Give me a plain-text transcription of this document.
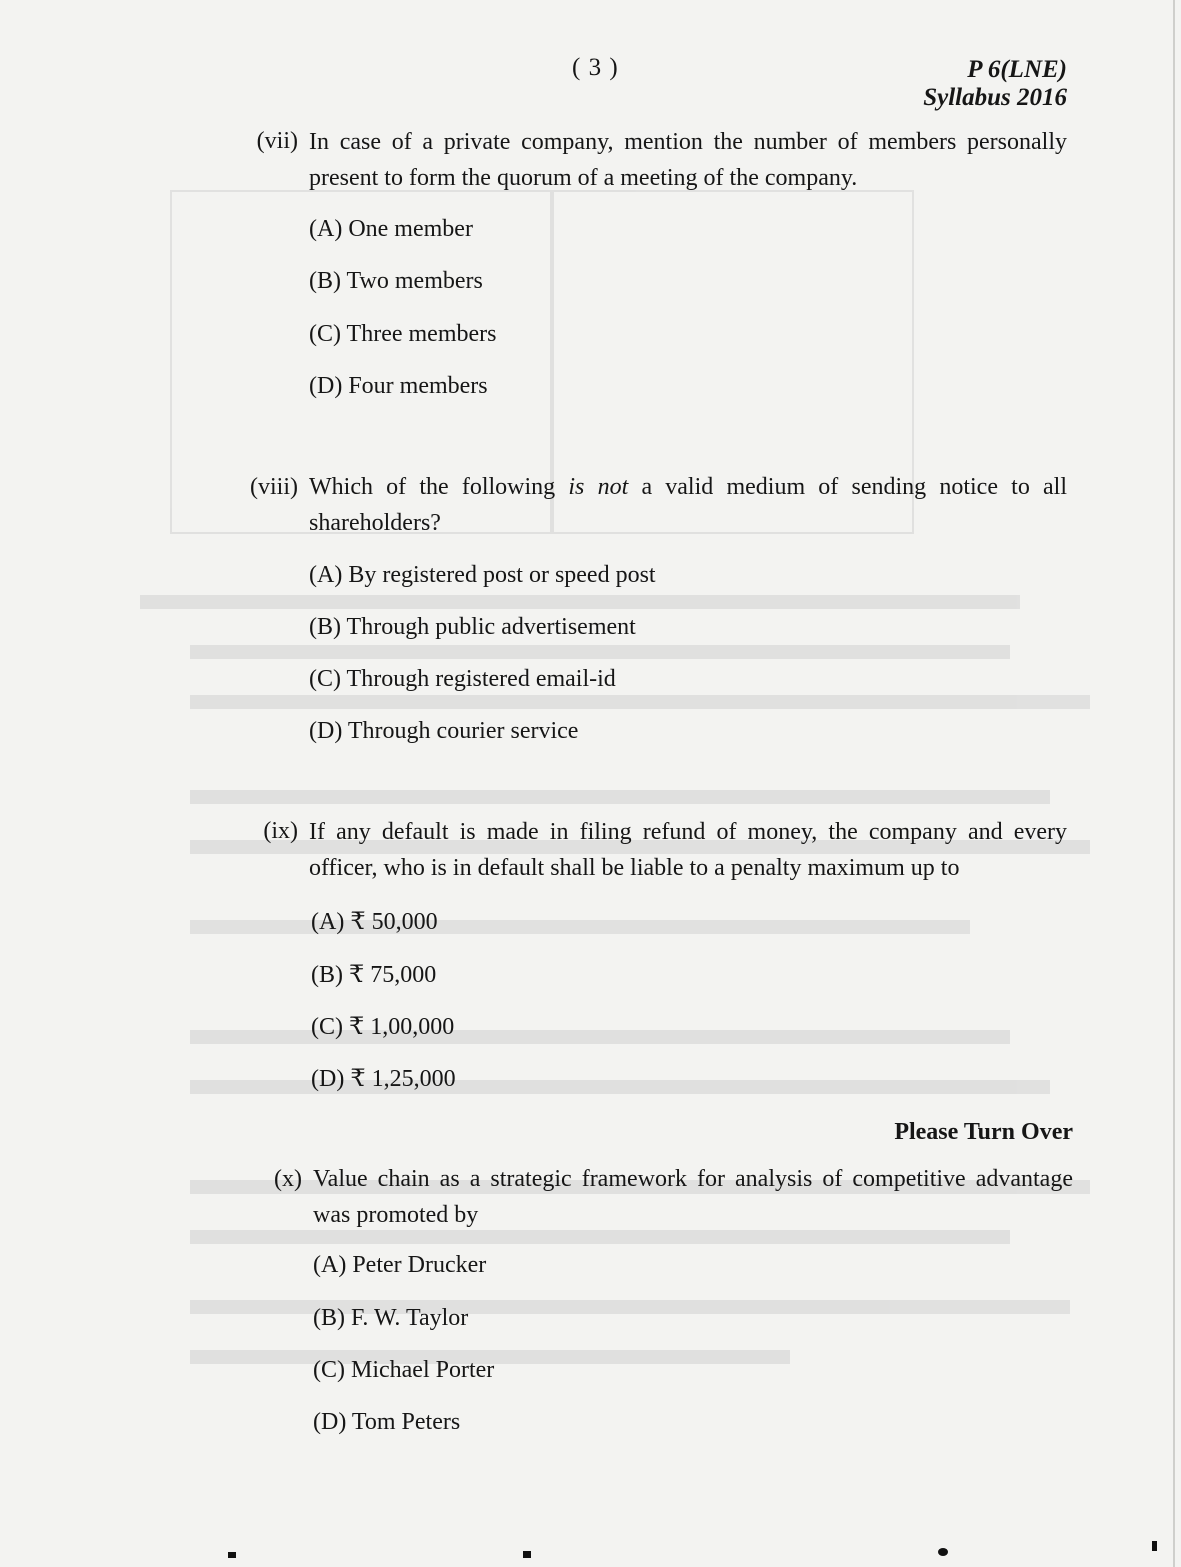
( 3 )	P 6(LNE)
Syllabus 2016
(vii) In case of a private company, mention the number of members personally present to form the quorum of a meeting of the company.
(A) One member
(B) Two members
(C) Three members
(D) Four members
(viii) Which of the following is not a valid medium of sending notice to all shareholders?
(A) By registered post or speed post
(B) Through public advertisement
(C) Through registered email-id
(D) Through courier service
(ix) If any default is made in filing refund of money, the company and every officer, who is in default shall be liable to a penalty maximum up to
(A) ₹ 50,000
(B) ₹ 75,000
(C) ₹ 1,00,000
(D) ₹ 1,25,000
(x) Value chain as a strategic framework for analysis of competitive advantage was promoted by
(A) Peter Drucker
(B) F. W. Taylor
(C) Michael Porter
(D) Tom Peters
Please Turn Over
